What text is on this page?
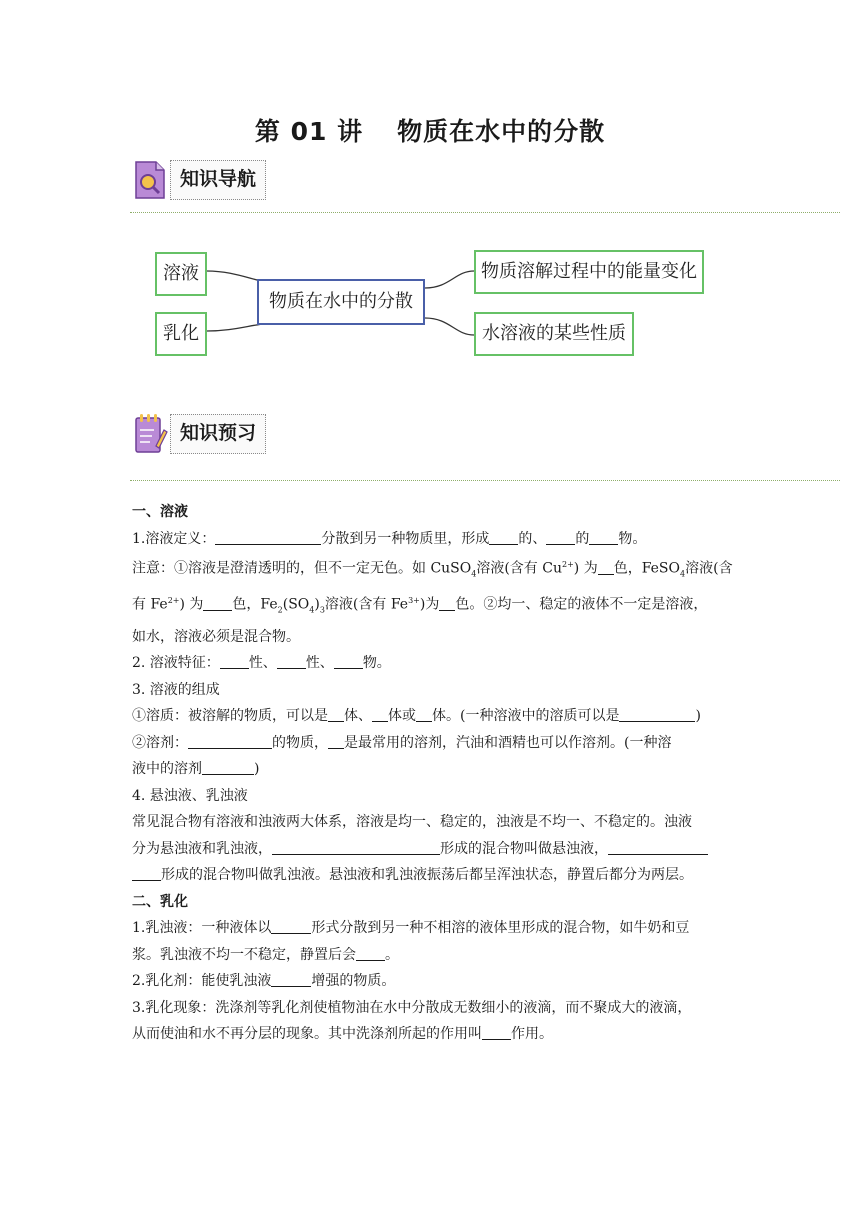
第 01 讲 物质在水中的分散
知识导航
溶液
乳化
物质在水中的分散
物质溶解过程中的能量变化
水溶液的某些性质
知识预习

一、溶液

1.溶液定义：	分散到另一种物质里，形成 的、 的 物。

注意：①溶液是澄清透明的，但不一定无色。如 CuSO$_4$溶液(含有 $Cu^{2+}$) 为 色，FeSO$_4$溶液(含

有 $Fe^{2+}$) 为 色，$Fe_2(SO_4)_3$溶液(含有 $Fe^{3+}$)为 色。②均一、稳定的液体不一定是溶液，

如水，溶液必须是混合物。

2. 溶液特征： 性、 性、 物。

3. 溶液的组成

①溶质：被溶解的物质，可以是 体、 体或 体。(一种溶液中的溶质可以是	)

②溶剂：	的物质， 是最常用的溶剂，汽油和酒精也可以作溶剂。(一种溶

液中的溶剂	)

4. 悬浊液、乳浊液

常见混合物有溶液和浊液两大体系，溶液是均一、稳定的，浊液是不均一、不稳定的。浊液

分为悬浊液和乳浊液，	形成的混合物叫做悬浊液，

形成的混合物叫做乳浊液。悬浊液和乳浊液振荡后都呈浑浊状态，静置后都分为两层。

二、乳化

1.乳浊液：一种液体以	形式分散到另一种不相溶的液体里形成的混合物，如牛奶和豆

浆。乳浊液不均一不稳定，静置后会 。

2.乳化剂：能使乳浊液	增强的物质。

3.乳化现象：洗涤剂等乳化剂使植物油在水中分散成无数细小的液滴，而不聚成大的液滴，

从而使油和水不再分层的现象。其中洗涤剂所起的作用叫 作用。
